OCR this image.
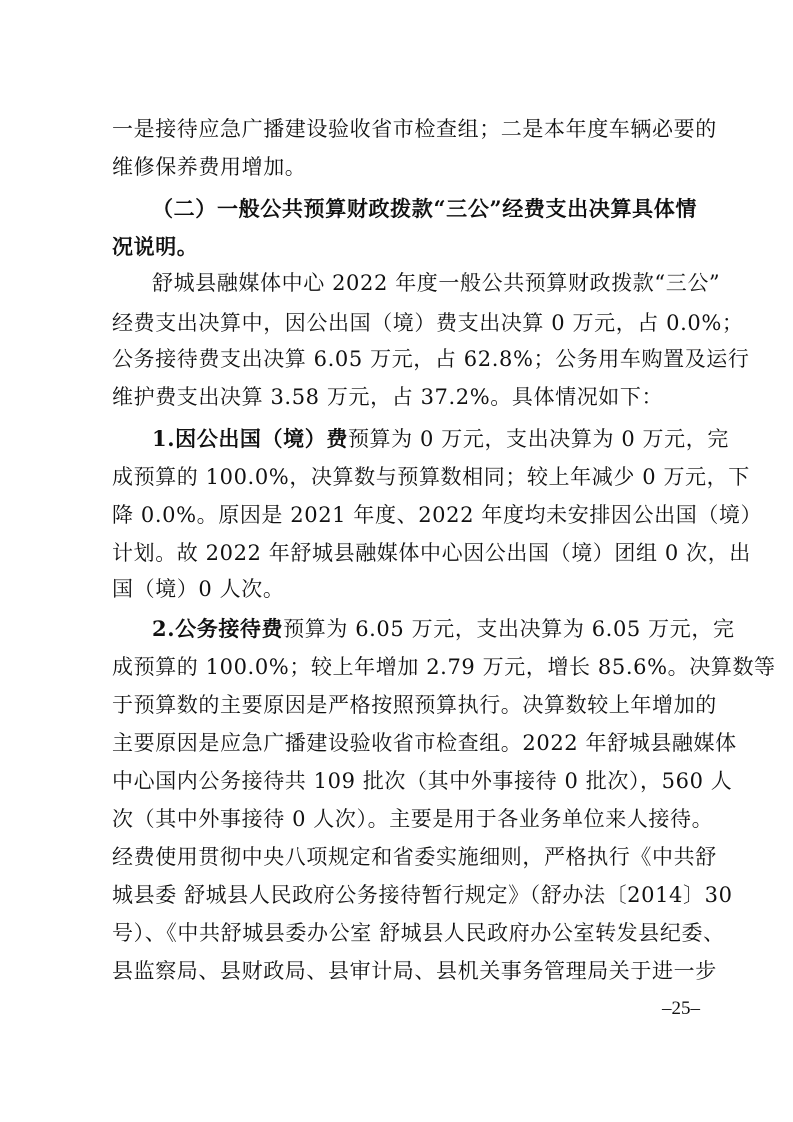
一是接待应急广播建设验收省市检查组；二是本年度车辆必要的
维修保养费用增加。
（二）一般公共预算财政拨款“三公”经费支出决算具体情
况说明。
舒城县融媒体中心 2022 年度一般公共预算财政拨款“三公”
经费支出决算中，因公出国（境）费支出决算 0 万元，占 0.0%；
公务接待费支出决算 6.05 万元，占 62.8%；公务用车购置及运行
维护费支出决算 3.58 万元，占 37.2%。具体情况如下：
1.因公出国（境）费预算为 0 万元，支出决算为 0 万元，完
成预算的 100.0%，决算数与预算数相同；较上年减少 0 万元，下
降 0.0%。原因是 2021 年度、2022 年度均未安排因公出国（境）
计划。故 2022 年舒城县融媒体中心因公出国（境）团组 0 次，出
国（境）0 人次。
2.公务接待费预算为 6.05 万元，支出决算为 6.05 万元，完
成预算的 100.0%；较上年增加 2.79 万元，增长 85.6%。决算数等
于预算数的主要原因是严格按照预算执行。决算数较上年增加的
主要原因是应急广播建设验收省市检查组。2022 年舒城县融媒体
中心国内公务接待共 109 批次（其中外事接待 0 批次），560 人
次（其中外事接待 0 人次）。主要是用于各业务单位来人接待。
经费使用贯彻中央八项规定和省委实施细则，严格执行《中共舒
城县委 舒城县人民政府公务接待暂行规定》（舒办法〔2014〕30
号）、《中共舒城县委办公室 舒城县人民政府办公室转发县纪委、
县监察局、县财政局、县审计局、县机关事务管理局关于进一步
–25–
